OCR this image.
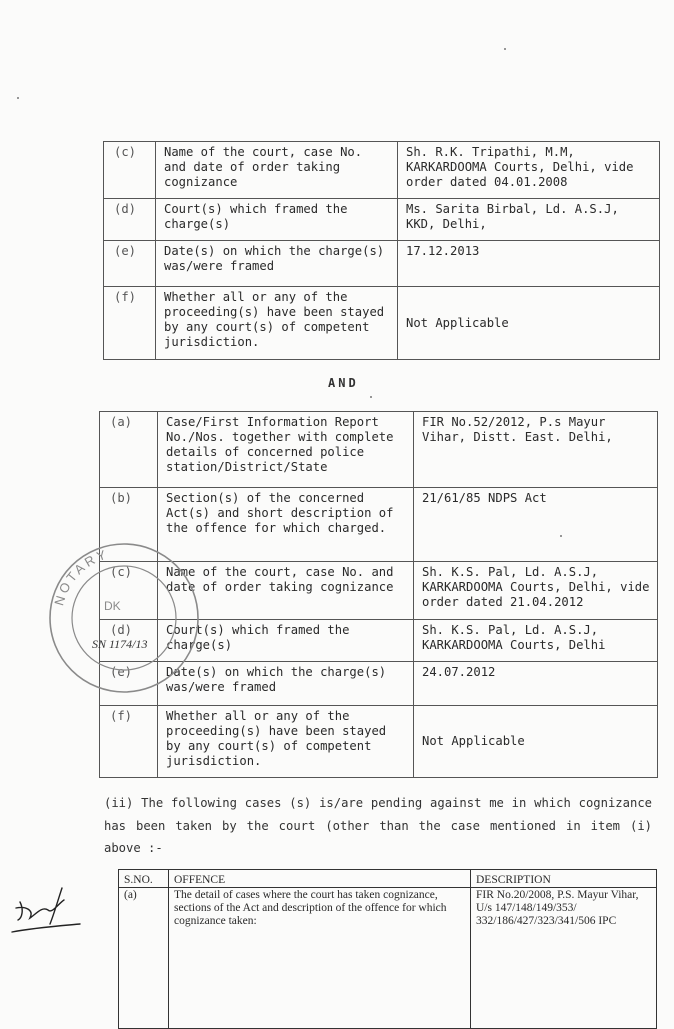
(c)	Name of the court, case No. and date of order taking cognizance	Sh. R.K. Tripathi, M.M, KARKARDOOMA Courts, Delhi, vide order dated 04.01.2008
(d)	Court(s) which framed the charge(s)	Ms. Sarita Birbal, Ld. A.S.J, KKD, Delhi,
(e)	Date(s) on which the charge(s) was/were framed	17.12.2013
(f)	Whether all or any of the proceeding(s) have been stayed by any court(s) of competent jurisdiction.	Not Applicable
AND
(a)	Case/First Information Report No./Nos. together with complete details of concerned police station/District/State	FIR No.52/2012, P.s Mayur Vihar, Distt. East. Delhi,
(b)	Section(s) of the concerned Act(s) and short description of the offence for which charged.	21/61/85 NDPS Act
(c)	Name of the court, case No. and date of order taking cognizance	Sh. K.S. Pal, Ld. A.S.J, KARKARDOOMA Courts, Delhi, vide order dated 21.04.2012
(d)	Court(s) which framed the charge(s)	Sh. K.S. Pal, Ld. A.S.J, KARKARDOOMA Courts, Delhi
(e)	Date(s) on which the charge(s) was/were framed	24.07.2012
(f)	Whether all or any of the proceeding(s) have been stayed by any court(s) of competent jurisdiction.	Not Applicable
(ii) The following cases (s) is/are pending against me in which cognizance has been taken by the court (other than the case mentioned in item (i) above :-
S.NO.	OFFENCE	DESCRIPTION
(a)	The detail of cases where the court has taken cognizance, sections of the Act and description of the offence for which cognizance taken:	FIR No.20/2008, P.S. Mayur Vihar, U/s 147/148/149/353/ 332/186/427/323/341/506 IPC
NOTARY
DK
SN 1174/13
